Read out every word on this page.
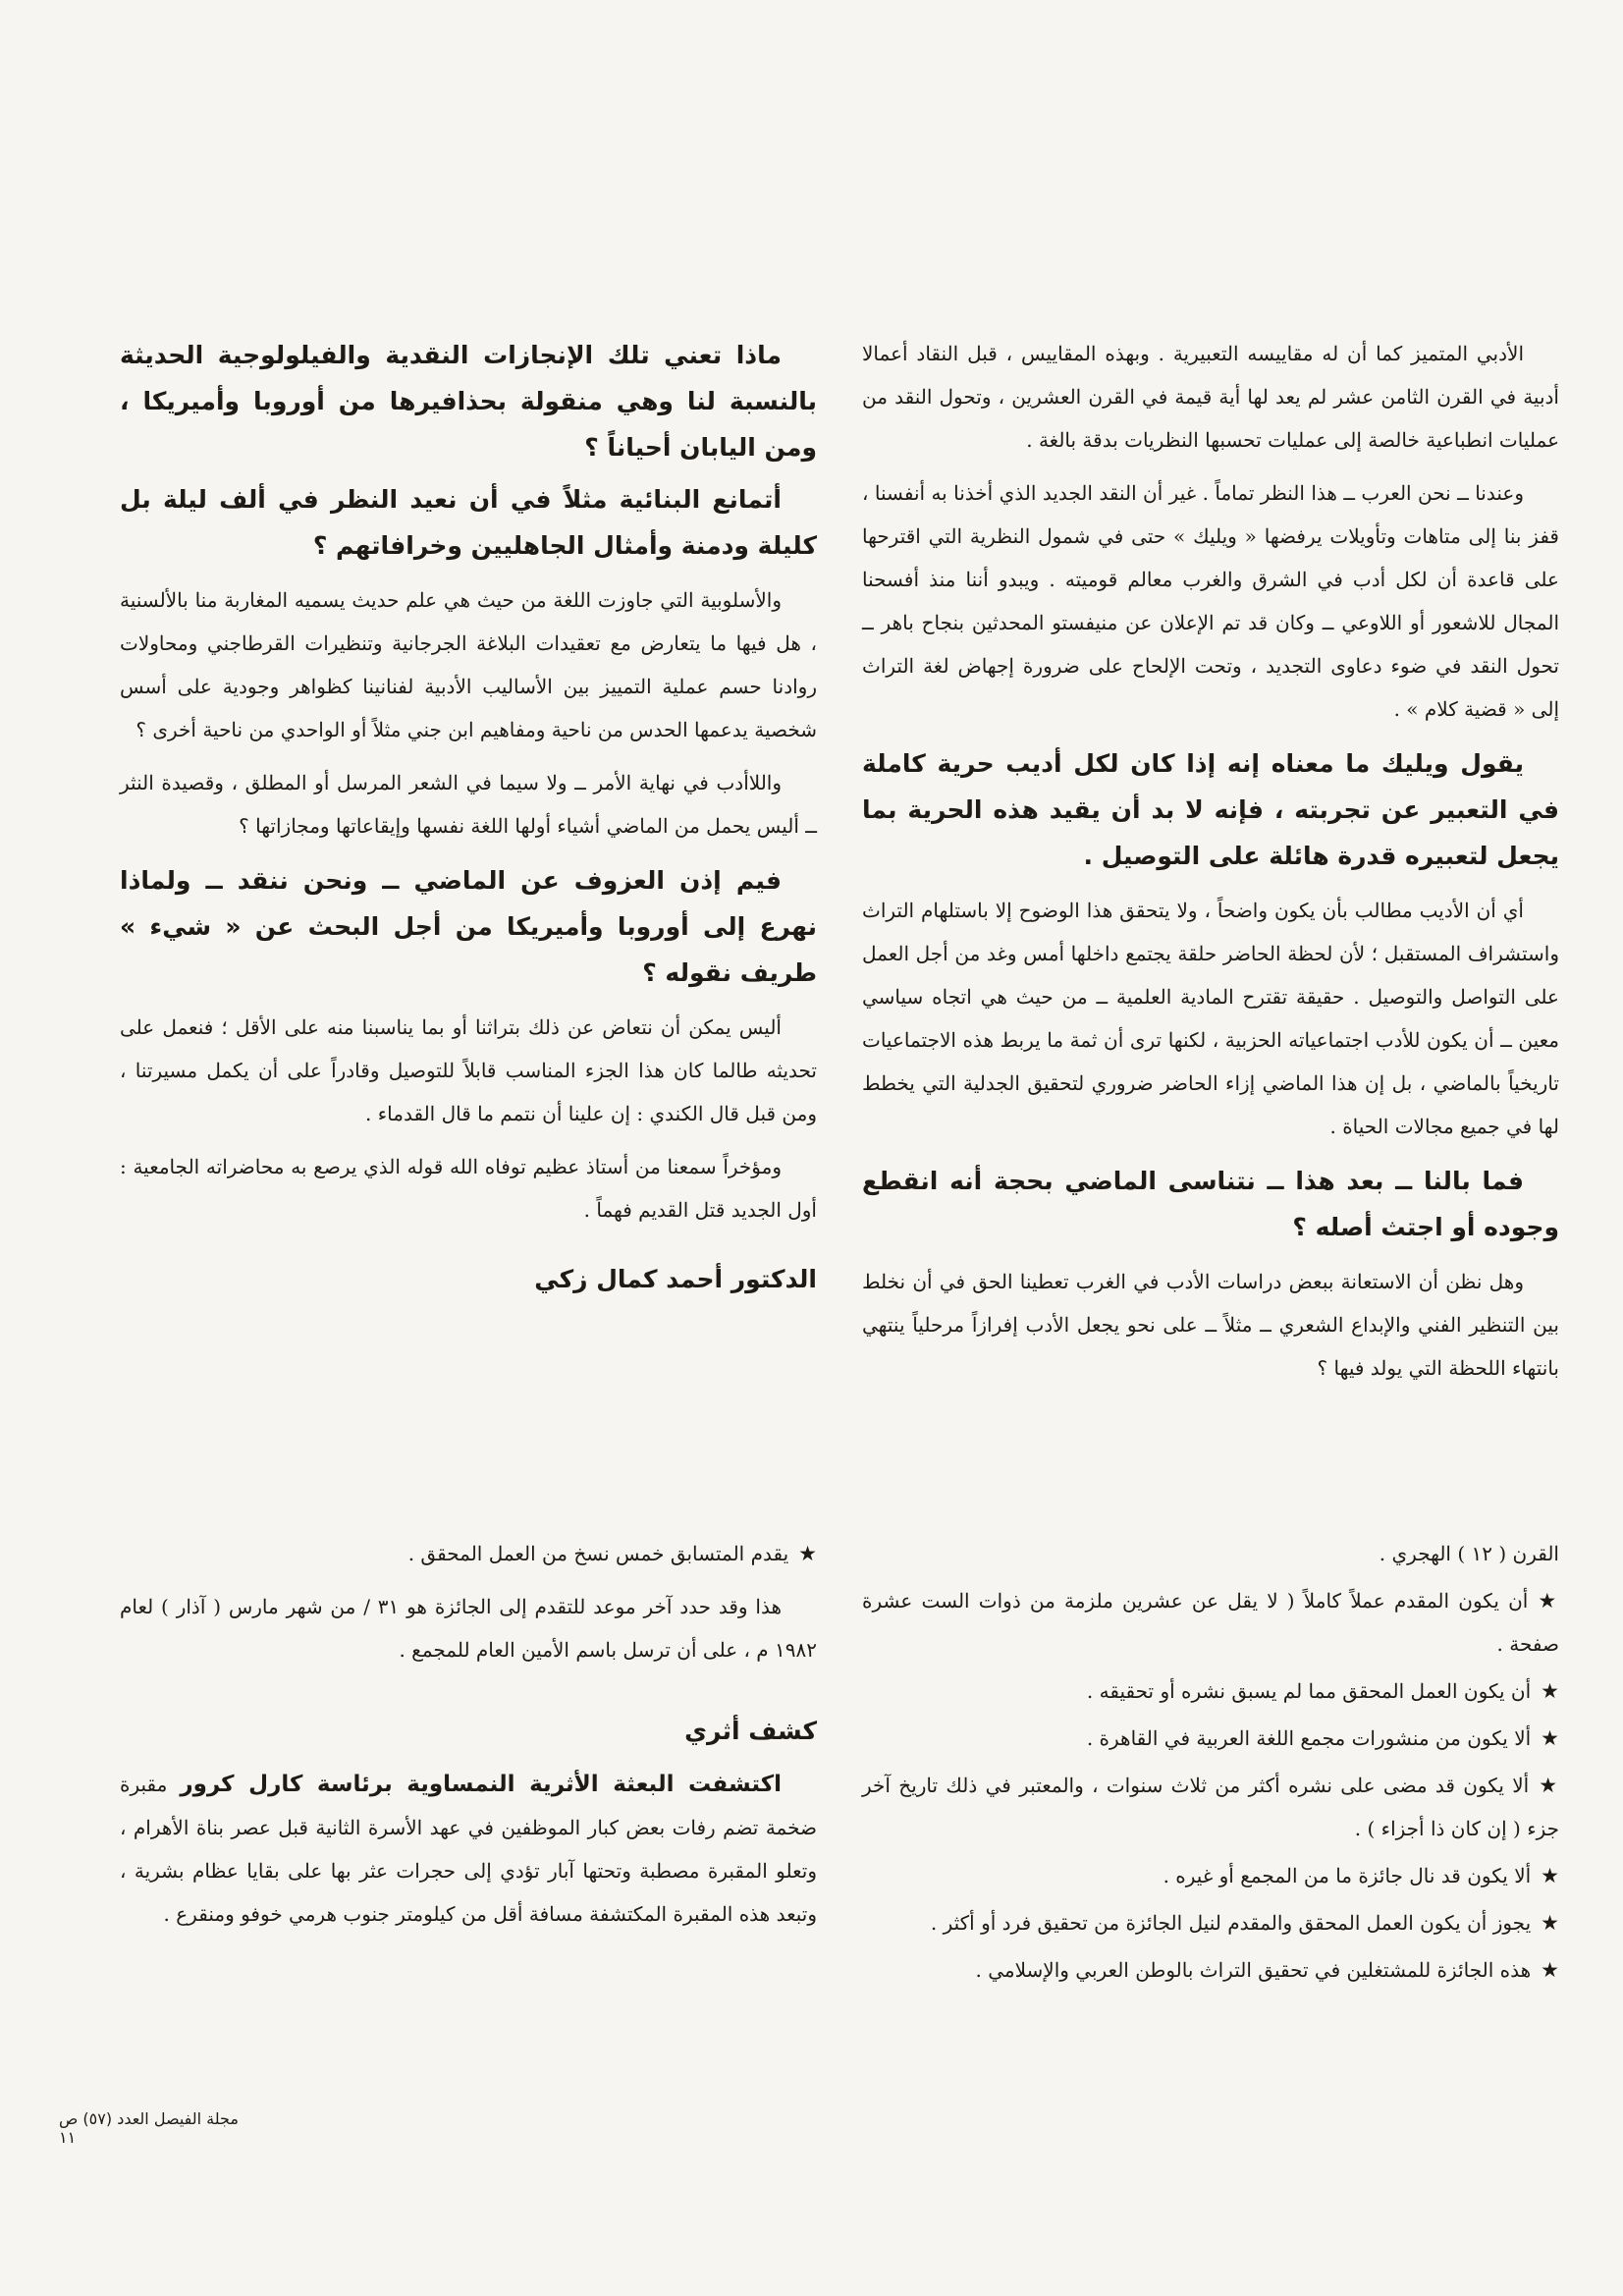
الأدبي المتميز كما أن له مقاييسه التعبيرية . وبهذه المقاييس ، قبل النقاد أعمالا أدبية في القرن الثامن عشر لم يعد لها أية قيمة في القرن العشرين ، وتحول النقد من عمليات انطباعية خالصة إلى عمليات تحسبها النظريات بدقة بالغة .

وعندنا ــ نحن العرب ــ هذا النظر تماماً . غير أن النقد الجديد الذي أخذنا به أنفسنا ، قفز بنا إلى متاهات وتأويلات يرفضها « ويليك » حتى في شمول النظرية التي اقترحها على قاعدة أن لكل أدب في الشرق والغرب معالم قوميته . ويبدو أننا منذ أفسحنا المجال للاشعور أو اللاوعي ــ وكان قد تم الإعلان عن منيفستو المحدثين بنجاح باهر ــ تحول النقد في ضوء دعاوى التجديد ، وتحت الإلحاح على ضرورة إجهاض لغة التراث إلى « قضية كلام » .

يقول ويليك ما معناه إنه إذا كان لكل أديب حرية كاملة في التعبير عن تجربته ، فإنه لا بد أن يقيد هذه الحرية بما يجعل لتعبيره قدرة هائلة على التوصيل .

أي أن الأديب مطالب بأن يكون واضحاً ، ولا يتحقق هذا الوضوح إلا باستلهام التراث واستشراف المستقبل ؛ لأن لحظة الحاضر حلقة يجتمع داخلها أمس وغد من أجل العمل على التواصل والتوصيل . حقيقة تقترح المادية العلمية ــ من حيث هي اتجاه سياسي معين ــ أن يكون للأدب اجتماعياته الحزبية ، لكنها ترى أن ثمة ما يربط هذه الاجتماعيات تاريخياً بالماضي ، بل إن هذا الماضي إزاء الحاضر ضروري لتحقيق الجدلية التي يخطط لها في جميع مجالات الحياة .

فما بالنا ــ بعد هذا ــ نتناسى الماضي بحجة أنه انقطع وجوده أو اجتث أصله ؟

وهل نظن أن الاستعانة ببعض دراسات الأدب في الغرب تعطينا الحق في أن نخلط بين التنظير الفني والإبداع الشعري ــ مثلاً ــ على نحو يجعل الأدب إفرازاً مرحلياً ينتهي بانتهاء اللحظة التي يولد فيها ؟

ماذا تعني تلك الإنجازات النقدية والفيلولوجية الحديثة بالنسبة لنا وهي منقولة بحذافيرها من أوروبا وأميريكا ، ومن اليابان أحياناً ؟

أتمانع البنائية مثلاً في أن نعيد النظر في ألف ليلة بل كليلة ودمنة وأمثال الجاهليين وخرافاتهم ؟

والأسلوبية التي جاوزت اللغة من حيث هي علم حديث يسميه المغاربة منا بالألسنية ، هل فيها ما يتعارض مع تعقيدات البلاغة الجرجانية وتنظيرات القرطاجني ومحاولات روادنا حسم عملية التمييز بين الأساليب الأدبية لفنانينا كظواهر وجودية على أسس شخصية يدعمها الحدس من ناحية ومفاهيم ابن جني مثلاً أو الواحدي من ناحية أخرى ؟

واللاأدب في نهاية الأمر ــ ولا سيما في الشعر المرسل أو المطلق ، وقصيدة النثر ــ أليس يحمل من الماضي أشياء أولها اللغة نفسها وإيقاعاتها ومجازاتها ؟

فيم إذن العزوف عن الماضي ــ ونحن ننقد ــ ولماذا نهرع إلى أوروبا وأميريكا من أجل البحث عن « شيء » طريف نقوله ؟

أليس يمكن أن نتعاض عن ذلك بتراثنا أو بما يناسبنا منه على الأقل ؛ فنعمل على تحديثه طالما كان هذا الجزء المناسب قابلاً للتوصيل وقادراً على أن يكمل مسيرتنا ، ومن قبل قال الكندي : إن علينا أن نتمم ما قال القدماء .

ومؤخراً سمعنا من أستاذ عظيم توفاه الله قوله الذي يرصع به محاضراته الجامعية : أول الجديد قتل القديم فهماً .

الدكتور أحمد كمال زكي

القرن ( ١٢ ) الهجري .

★أن يكون المقدم عملاً كاملاً ( لا يقل عن عشرين ملزمة من ذوات الست عشرة صفحة .

★أن يكون العمل المحقق مما لم يسبق نشره أو تحقيقه .

★ألا يكون من منشورات مجمع اللغة العربية في القاهرة .

★ألا يكون قد مضى على نشره أكثر من ثلاث سنوات ، والمعتبر في ذلك تاريخ آخر جزء ( إن كان ذا أجزاء ) .

★ألا يكون قد نال جائزة ما من المجمع أو غيره .

★يجوز أن يكون العمل المحقق والمقدم لنيل الجائزة من تحقيق فرد أو أكثر .

★هذه الجائزة للمشتغلين في تحقيق التراث بالوطن العربي والإسلامي .

★يقدم المتسابق خمس نسخ من العمل المحقق .

هذا وقد حدد آخر موعد للتقدم إلى الجائزة هو ٣١ / من شهر مارس ( آذار ) لعام ١٩٨٢ م ، على أن ترسل باسم الأمين العام للمجمع .

كشف أثري

اكتشفت البعثة الأثرية النمساوية برئاسة كارل كرور مقبرة ضخمة تضم رفات بعض كبار الموظفين في عهد الأسرة الثانية قبل عصر بناة الأهرام ، وتعلو المقبرة مصطبة وتحتها آبار تؤدي إلى حجرات عثر بها على بقايا عظام بشرية ، وتبعد هذه المقبرة المكتشفة مسافة أقل من كيلومتر جنوب هرمي خوفو ومنقرع .

مجلة الفيصل العدد (٥٧) ص ١١
